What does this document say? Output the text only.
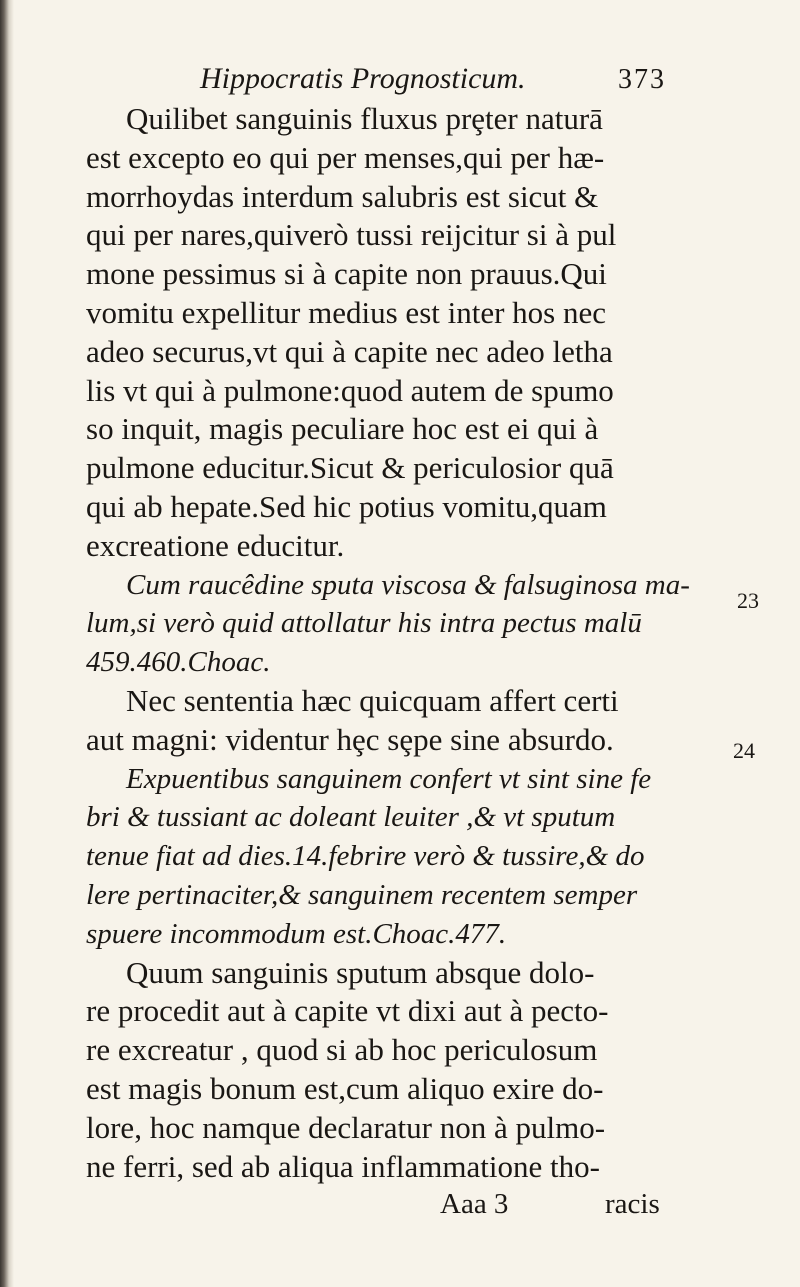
Hippocratis Prognosticum.	373
Quilibet sanguinis fluxus prȩter naturā
est excepto eo qui per menses,qui per hæ-
morrhoydas interdum salubris est sicut &
qui per nares,quiverò tussi reijcitur si à pul
mone pessimus si à capite non prauus.Qui
vomitu expellitur medius est inter hos nec
adeo securus,vt qui à capite nec adeo letha
lis vt qui à pulmone:quod autem de spumo
so inquit, magis peculiare hoc est ei qui à
pulmone educitur.Sicut & periculosior quā
qui ab hepate.Sed hic potius vomitu,quam
excreatione educitur.
Cum raucêdine sputa viscosa & falsuginosa ma-
lum,si verò quid attollatur his intra pectus malū
459.460.Choac.
Nec sententia hæc quicquam affert certi
aut magni: videntur hȩc sȩpe sine absurdo.
Expuentibus sanguinem confert vt sint sine fe
bri & tussiant ac doleant leuiter ,& vt sputum
tenue fiat ad dies.14.febrire verò & tussire,& do
lere pertinaciter,& sanguinem recentem semper
spuere incommodum est.Choac.477.
Quum sanguinis sputum absque dolo-
re procedit aut à capite vt dixi aut à pecto-
re excreatur , quod si ab hoc periculosum
est magis bonum est,cum aliquo exire do-
lore, hoc namque declaratur non à pulmo-
ne ferri, sed ab aliqua inflammatione tho-
23
24
Aaa 3	racis
